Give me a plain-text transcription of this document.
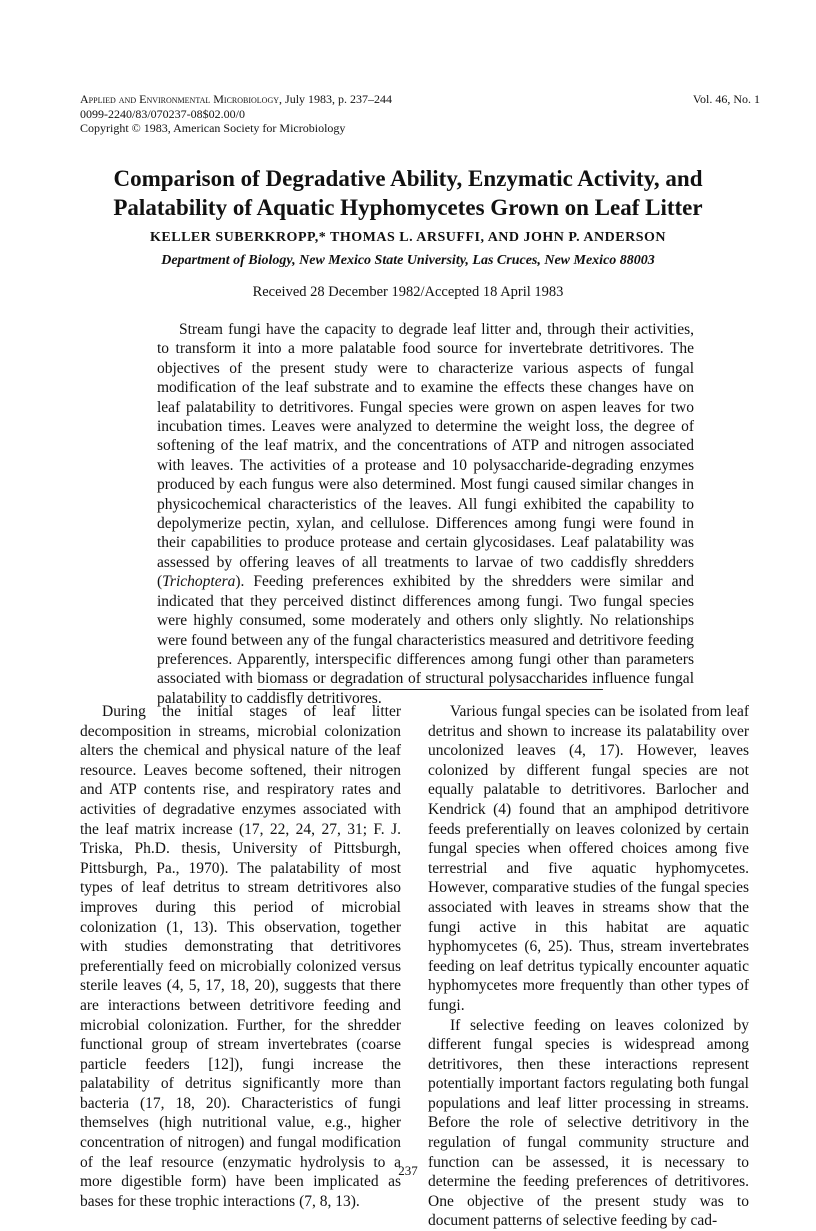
Applied and Environmental Microbiology, July 1983, p. 237–244	Vol. 46, No. 1
0099-2240/83/070237-08$02.00/0
Copyright © 1983, American Society for Microbiology
Comparison of Degradative Ability, Enzymatic Activity, and
Palatability of Aquatic Hyphomycetes Grown on Leaf Litter
KELLER SUBERKROPP,* THOMAS L. ARSUFFI, AND JOHN P. ANDERSON
Department of Biology, New Mexico State University, Las Cruces, New Mexico 88003
Received 28 December 1982/Accepted 18 April 1983

Stream fungi have the capacity to degrade leaf litter and, through their activities, to transform it into a more palatable food source for invertebrate detritivores. The objectives of the present study were to characterize various aspects of fungal modification of the leaf substrate and to examine the effects these changes have on leaf palatability to detritivores. Fungal species were grown on aspen leaves for two incubation times. Leaves were analyzed to determine the weight loss, the degree of softening of the leaf matrix, and the concentrations of ATP and nitrogen associated with leaves. The activities of a protease and 10 polysaccharide-degrading enzymes produced by each fungus were also determined. Most fungi caused similar changes in physicochemical characteristics of the leaves. All fungi exhibited the capability to depolymerize pectin, xylan, and cellulose. Differences among fungi were found in their capabilities to produce protease and certain glycosidases. Leaf palatability was assessed by offering leaves of all treatments to larvae of two caddisfly shredders (Trichoptera). Feeding preferences exhibited by the shredders were similar and indicated that they perceived distinct differences among fungi. Two fungal species were highly consumed, some moderately and others only slightly. No relationships were found between any of the fungal characteristics measured and detritivore feeding preferences. Apparently, interspecific differences among fungi other than parameters associated with biomass or degradation of structural polysaccharides influence fungal palatability to caddisfly detritivores.

During the initial stages of leaf litter decomposition in streams, microbial colonization alters the chemical and physical nature of the leaf resource. Leaves become softened, their nitrogen and ATP contents rise, and respiratory rates and activities of degradative enzymes associated with the leaf matrix increase (17, 22, 24, 27, 31; F. J. Triska, Ph.D. thesis, University of Pittsburgh, Pittsburgh, Pa., 1970). The palatability of most types of leaf detritus to stream detritivores also improves during this period of microbial colonization (1, 13). This observation, together with studies demonstrating that detritivores preferentially feed on microbially colonized versus sterile leaves (4, 5, 17, 18, 20), suggests that there are interactions between detritivore feeding and microbial colonization. Further, for the shredder functional group of stream invertebrates (coarse particle feeders [12]), fungi increase the palatability of detritus significantly more than bacteria (17, 18, 20). Characteristics of fungi themselves (high nutritional value, e.g., higher concentration of nitrogen) and fungal modification of the leaf resource (enzymatic hydrolysis to a more digestible form) have been implicated as bases for these trophic interactions (7, 8, 13).

Various fungal species can be isolated from leaf detritus and shown to increase its palatability over uncolonized leaves (4, 17). However, leaves colonized by different fungal species are not equally palatable to detritivores. Barlocher and Kendrick (4) found that an amphipod detritivore feeds preferentially on leaves colonized by certain fungal species when offered choices among five terrestrial and five aquatic hyphomycetes. However, comparative studies of the fungal species associated with leaves in streams show that the fungi active in this habitat are aquatic hyphomycetes (6, 25). Thus, stream invertebrates feeding on leaf detritus typically encounter aquatic hyphomycetes more frequently than other types of fungi.

If selective feeding on leaves colonized by different fungal species is widespread among detritivores, then these interactions represent potentially important factors regulating both fungal populations and leaf litter processing in streams. Before the role of selective detritivory in the regulation of fungal community structure and function can be assessed, it is necessary to determine the feeding preferences of detritivores. One objective of the present study was to document patterns of selective feeding by cad-

237
